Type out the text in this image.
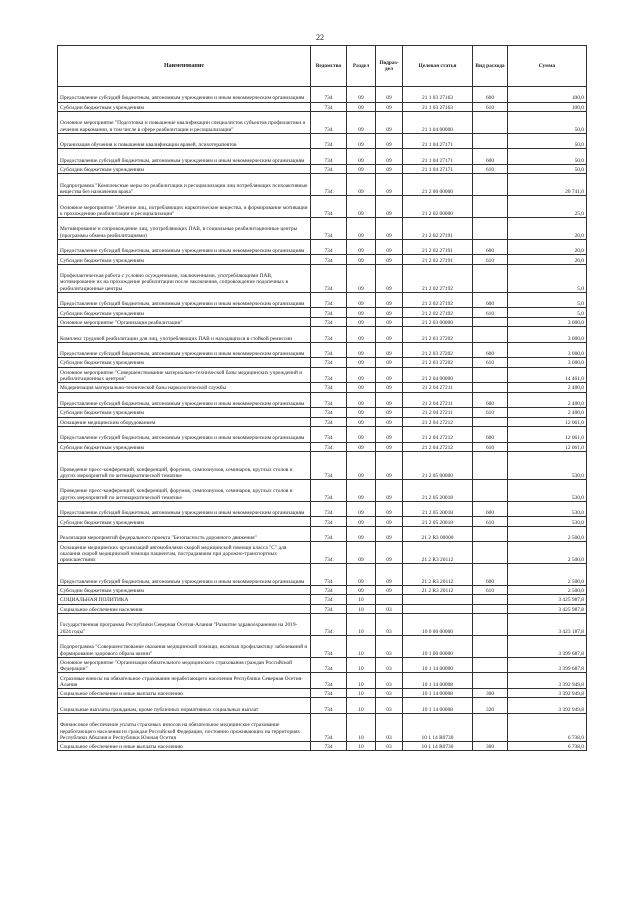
22
Наименование	Ведомство	Раздел	Подраз-дел	Целевая статья	Вид расхода	Сумма
Предоставление субсидий бюджетным, автономным учреждениям и иным некоммерческим организациям	734	09	09	21 1 03 27163	600	100,0
Субсидии бюджетным учреждениям	734	09	09	21 1 03 27163	610	100,0
Основное мероприятие "Подготовка и повышение квалификации специалистов субъектов профилактики и лечения наркомании, в том числе в сфере реабилитации и ресоциализации"	734	09	09	21 1 04 00000		50,0
Организация обучения и повышения квалификации врачей, психотерапевтов	734	09	09	21 1 04 27171		50,0
Предоставление субсидий бюджетным, автономным учреждениям и иным некоммерческим организациям	734	09	09	21 1 04 27171	600	50,0
Субсидии бюджетным учреждениям	734	09	09	21 1 04 27171	610	50,0
Подпрограмма "Комплексные меры по реабилитации и ресоциализации лиц потребляющих психоактивные вещества без назначения врача"	734	09	09	21 2 00 00000		20 741,0
Основное мероприятие "Лечение лиц, потребляющих наркотические вещества, и формирование мотивации к прохождению реабилитации и ресоциализации"	734	09	09	21 2 02 00000		25,0
Мотивирование и сопровождение лиц, употребляющих ПАВ, в социальные реабилитационные центры (программы обмена реабилитациями)	734	09	09	21 2 02 27191		20,0
Предоставление субсидий бюджетным, автономным учреждениям и иным некоммерческим организациям	734	09	09	21 2 02 27191	600	20,0
Субсидии бюджетным учреждениям	734	09	09	21 2 02 27191	610	20,0
Профилактическая работа с условно осужденными, заключенными, употребляющими ПАВ, мотивирование их на прохождение реабилитации после заключения, сопровождение подопечных в реабилитационные центры	734	09	09	21 2 02 27192		5,0
Предоставление субсидий бюджетным, автономным учреждениям и иным некоммерческим организациям	734	09	09	21 2 02 27192	600	5,0
Субсидии бюджетным учреждениям	734	09	09	21 2 02 27192	610	5,0
Основное мероприятие "Организация реабилитации"	734	09	09	21 2 03 00000		3 000,0
Комплекс трудовой реабилитации для лиц, употребляющих ПАВ и находящихся в стойкой ремиссии	734	09	09	21 2 03 27202		3 000,0
Предоставление субсидий бюджетным, автономным учреждениям и иным некоммерческим организациям	734	09	09	21 2 03 27202	600	3 000,0
Субсидии бюджетным учреждениям	734	09	09	21 2 03 27202	610	3 000,0
Основное мероприятие "Совершенствование материально-технической базы медицинских учреждений и реабилитационных центров"	734	09	09	21 2 04 00000		14 461,0
Модернизация материально-технической базы наркологической службы	734	09	09	21 2 04 27211		2 400,0
Предоставление субсидий бюджетным, автономным учреждениям и иным некоммерческим организациям	734	09	09	21 2 04 27211	600	2 400,0
Субсидии бюджетным учреждениям	734	09	09	21 2 04 27211	610	2 400,0
Оснащение медицинским оборудованием	734	09	09	21 2 04 27212		12 061,0
Предоставление субсидий бюджетным, автономным учреждениям и иным некоммерческим организациям	734	09	09	21 2 04 27212	600	12 061,0
Субсидии бюджетным учреждениям	734	09	09	21 2 04 27212	610	12 061,0
Проведение пресс-конференций, конференций, форумов, симпозиумов, семинаров, круглых столов и других мероприятий по антинаркотической тематике	734	09	09	21 2 05 00000		530,0
Проведение пресс-конференций, конференций, форумов, симпозиумов, семинаров, круглых столов и других мероприятий по антинаркотической тематике	734	09	09	21 2 05 20018		530,0
Предоставление субсидий бюджетным, автономным учреждениям и иным некоммерческим организациям	734	09	09	21 2 05 20018	600	530,0
Субсидии бюджетным учреждениям	734	09	09	21 2 05 20018	610	530,0
Реализация мероприятий федерального проекта "Безопасность дорожного движения"	734	09	09	21 2 R3 00000		2 500,0
Оснащение медицинских организаций автомобилями скорой медицинской помощи класса "С" для оказания скорой медицинской помощи пациентам, пострадавшим при дорожно-транспортных происшествиях	734	09	09	21 2 R3 20112		2 500,0
Предоставление субсидий бюджетным, автономным учреждениям и иным некоммерческим организациям	734	09	09	21 2 R3 20112	600	2 500,0
Субсидии бюджетным учреждениям	734	09	09	21 2 R3 20112	610	2 500,0
СОЦИАЛЬНАЯ ПОЛИТИКА	734	10				3 425 987,8
Социальное обеспечение населения	734	10	03			3 425 987,8
Государственная программа Республики Северная Осетия-Алания "Развитие здравоохранения на 2019-2024 годы"	734	10	03	10 0 00 00000		3 423 187,8
Подпрограмма "Совершенствование оказания медицинской помощи, включая профилактику заболеваний и формирование здорового образа жизни"	734	10	03	10 1 00 00000		3 399 687,8
Основное мероприятие "Организация обязательного медицинского страхования граждан Российской Федерации"	734	10	03	10 1 14 00000		3 399 687,8
Страховые взносы на обязательное страхование неработающего населения Республики Северная Осетия-Алания	734	10	03	10 1 14 00008		3 392 949,8
Социальное обеспечение и иные выплаты населению	734	10	03	10 1 14 00008	300	3 392 949,8
Социальные выплаты гражданам, кроме публичных нормативных социальных выплат	734	10	03	10 1 14 00008	320	3 392 949,8
Финансовое обеспечение уплаты страховых взносов на обязательное медицинское страхование неработающего населения из граждан Российской Федерации, постоянно проживающих на территориях Республики Абхазия и Республики Южная Осетия	734	10	03	10 1 14 R0730		6 738,0
Социальное обеспечение и иные выплаты населению	734	10	03	10 1 14 R0730	300	6 738,0
